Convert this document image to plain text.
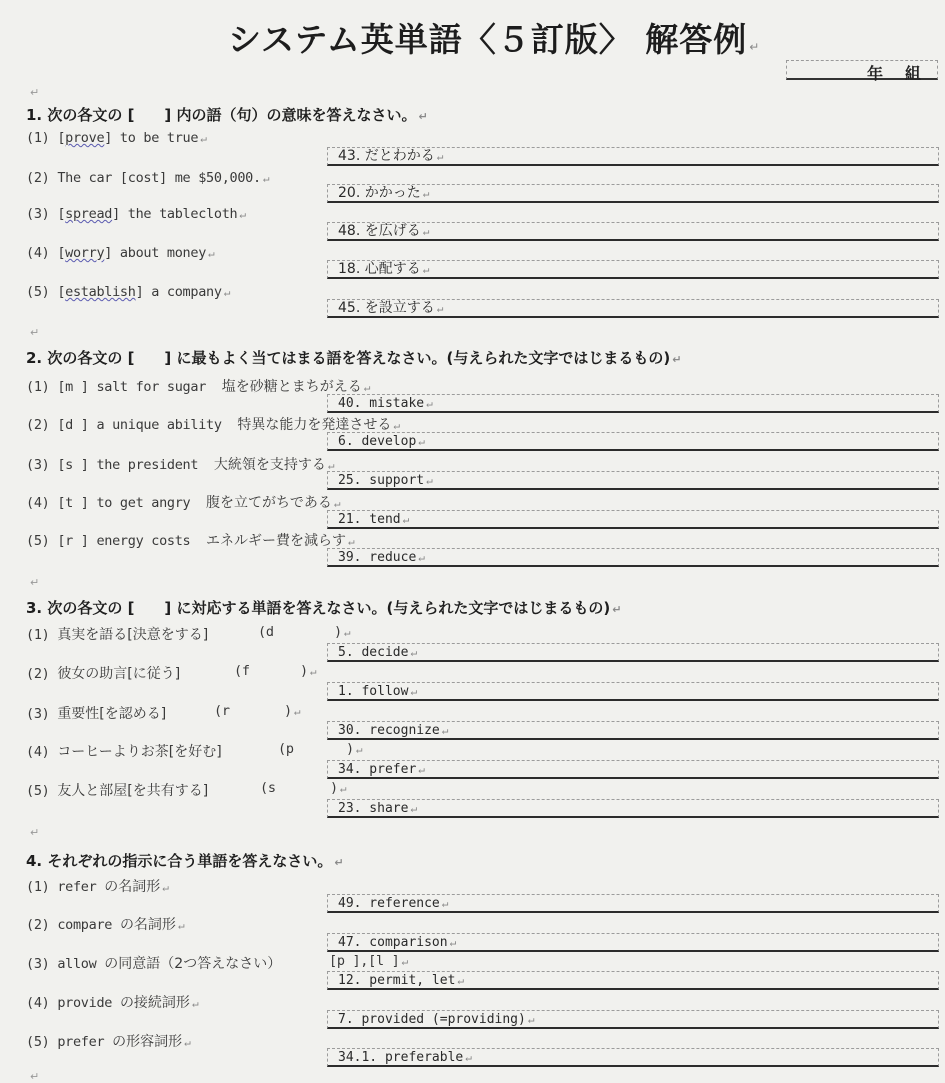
システム英単語〈５訂版〉 解答例 ↵
年 組
↵
1. 次の各文の [　　] 内の語（句）の意味を答えなさい。 ↵
(1) [prove] to be true ↵
43. だとわかる ↵
(2) The car [cost] me $50,000. ↵
20. かかった ↵
(3) [spread] the tablecloth ↵
48. を広げる ↵
(4) [worry] about money ↵
18. 心配する ↵
(5) [establish] a company ↵
45. を設立する ↵
↵
2. 次の各文の [　　] に最もよく当てはまる語を答えなさい。(与えられた文字ではじまるもの) ↵
(1) [m ] salt for sugar 塩を砂糖とまちがえる ↵
40. mistake ↵
(2) [d ] a unique ability 特異な能力を発達させる ↵
6. develop ↵
(3) [s ] the president 大統領を支持する ↵
25. support ↵
(4) [t ] to get angry 腹を立てがちである ↵
21. tend ↵
(5) [r ] energy costs エネルギー費を減らす ↵
39. reduce ↵
↵
3. 次の各文の [　　] に対応する単語を答えなさい。(与えられた文字ではじまるもの) ↵
(1) 真実を語る[決意をする]	(d	) ↵
5. decide ↵
(2) 彼女の助言[に従う]	(f	) ↵
1. follow ↵
(3) 重要性[を認める]	(r	) ↵
30. recognize ↵
(4) コーヒーよりお茶[を好む]	(p	) ↵
34. prefer ↵
(5) 友人と部屋[を共有する]	(s	) ↵
23. share ↵
↵
4. それぞれの指示に合う単語を答えなさい。 ↵
(1) refer の名詞形 ↵
49. reference ↵
(2) compare の名詞形 ↵
47. comparison ↵
(3) allow の同意語（2つ答えなさい）	[p ],[l ] ↵
12. permit, let ↵
(4) provide の接続詞形 ↵
7. provided (=providing) ↵
(5) prefer の形容詞形 ↵
34.1. preferable ↵
↵
